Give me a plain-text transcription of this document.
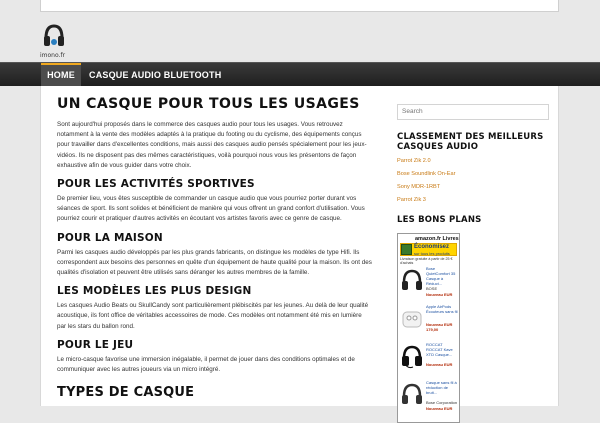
imono.fr
HOME	CASQUE AUDIO BLUETOOTH
UN CASQUE POUR TOUS LES USAGES

Sont aujourd'hui proposés dans le commerce des casques audio pour tous les usages. Vous retrouvez notamment à la vente des modèles adaptés à la pratique du footing ou du cyclisme, des équipements conçus pour travailler dans d'excellentes conditions, mais aussi des casques audio pensés spécialement pour les jeux-vidéos. Ils ne disposent pas des mêmes caractéristiques, voilà pourquoi nous vous les présentons de façon exhaustive afin de vous guider dans votre choix.

POUR LES ACTIVITÉS SPORTIVES

De premier lieu, vous êtes susceptible de commander un casque audio que vous pourriez porter durant vos séances de sport. Ils sont solides et bénéficient de manière qui vous offrent un grand confort d'utilisation. Vous pourriez courir et pratiquer d'autres activités en écoutant vos artistes favoris avec ce genre de casque.

POUR LA MAISON

Parmi les casques audio développés par les plus grands fabricants, on distingue les modèles de type Hifi. Ils correspondent aux besoins des personnes en quête d'un équipement de haute qualité pour la maison. Ils ont des qualités d'isolation et peuvent être utilisés sans déranger les autres membres de la famille.

LES MODÈLES LES PLUS DESIGN

Les casques Audio Beats ou SkullCandy sont particulièrement plébiscités par les jeunes. Au delà de leur qualité acoustique, ils font office de véritables accessoires de mode. Ces modèles ont notamment été mis en lumière par les stars du ballon rond.

POUR LE JEU

Le micro-casque favorise une immersion inégalable, il permet de jouer dans des conditions optimales et de communiquer avec les autres joueurs via un micro intégré.

TYPES DE CASQUE
Search
CLASSEMENT DES MEILLEURS CASQUES AUDIO
Parrot Zik 2.0
Bose Soundlink On-Ear
Sony MDR-1RBT
Parrot Zik 3
LES BONS PLANS
amazon.fr Livres
Économisez
sur tous les produits
Livraison gratuite à partir de 25 € d'achats
Bose QuietComfort 35 Casque à Réduct...
BOSE
Nouveau EUR
Apple AirPods Écouteurs sans fil
Nouveau EUR 179,00
ROCCAT ROCCAT Kave XTD Casque...
Nouveau EUR
Casque sans fil à réduction de bruit...
Bose Corporation
Nouveau EUR
